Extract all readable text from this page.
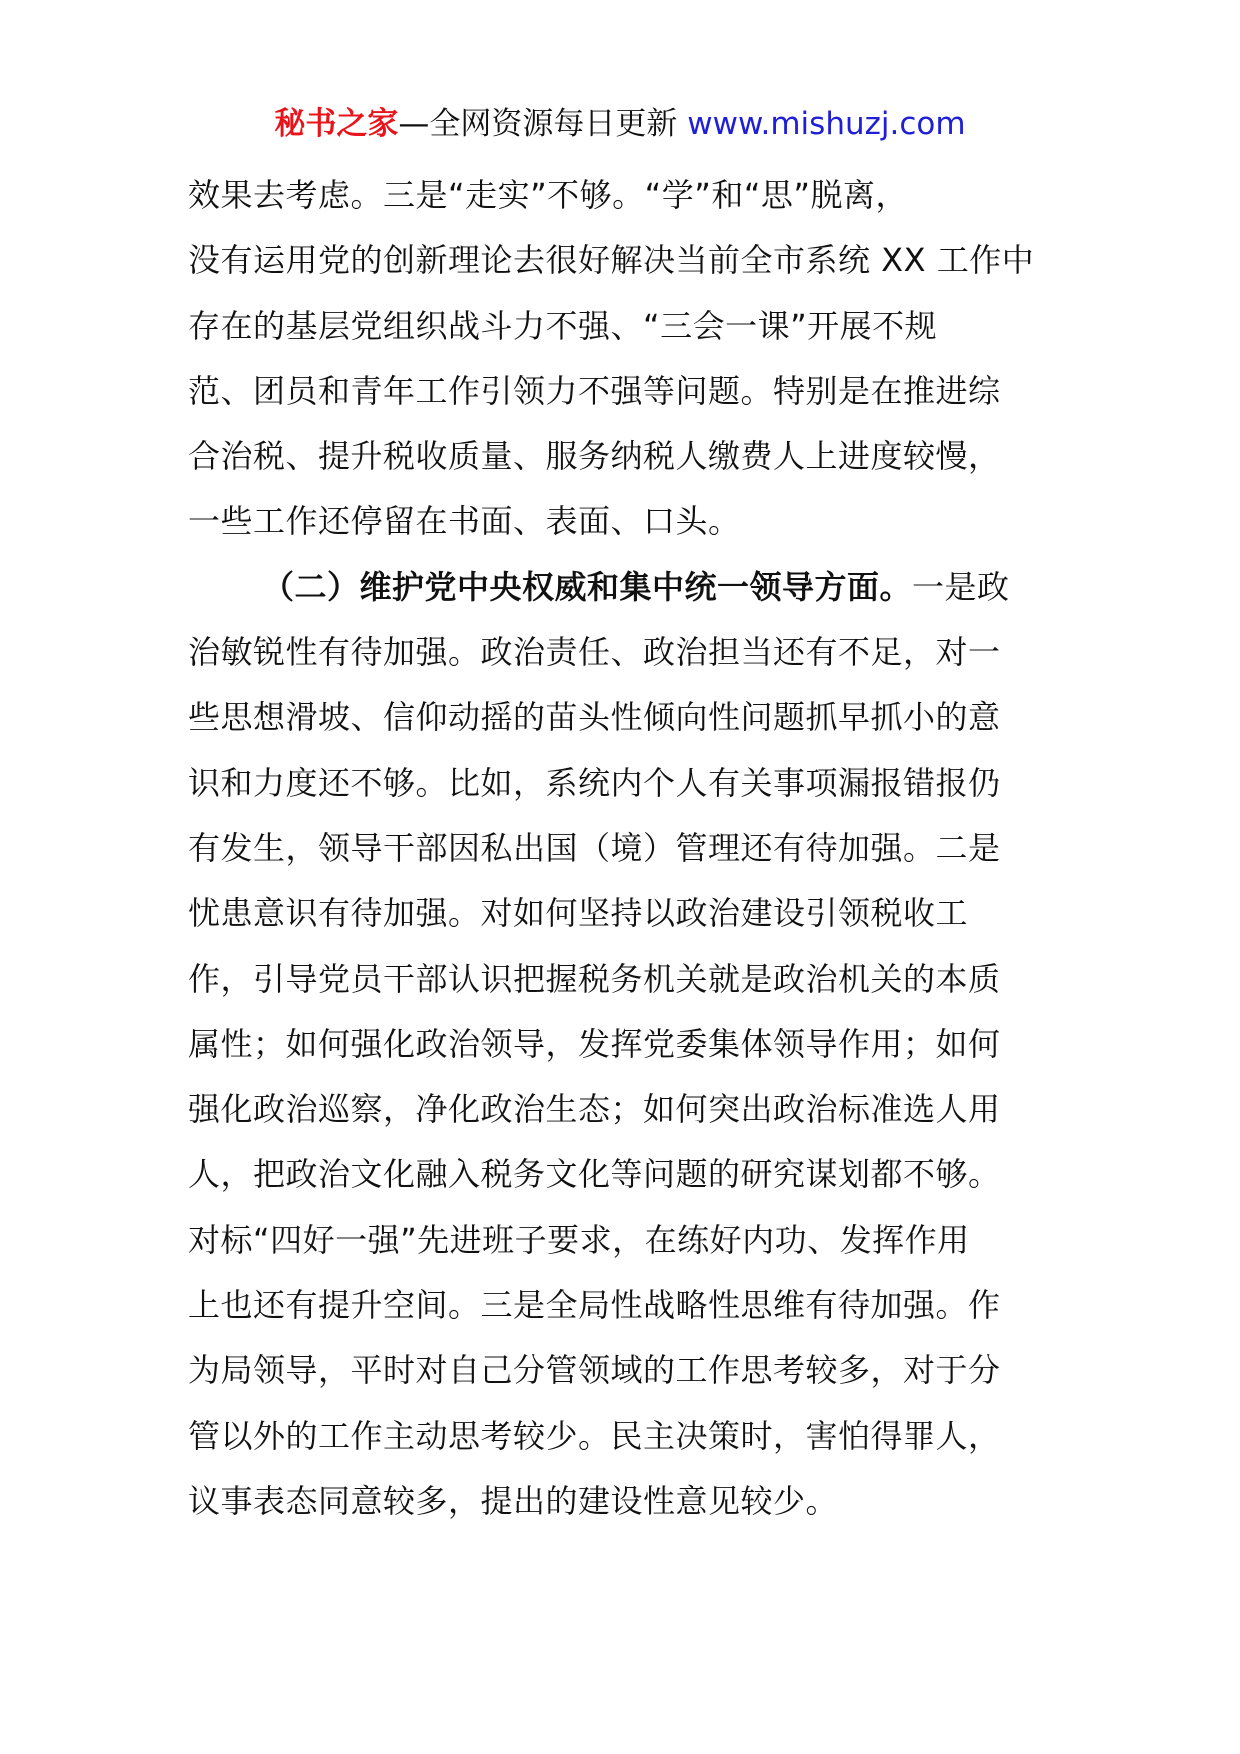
秘书之家—全网资源每日更新 www.mishuzj.com
效果去考虑。三是“走实”不够。“学”和“思”脱离，
没有运用党的创新理论去很好解决当前全市系统 XX 工作中
存在的基层党组织战斗力不强、“三会一课”开展不规
范、团员和青年工作引领力不强等问题。特别是在推进综
合治税、提升税收质量、服务纳税人缴费人上进度较慢，
一些工作还停留在书面、表面、口头。
（二）维护党中央权威和集中统一领导方面。一是政
治敏锐性有待加强。政治责任、政治担当还有不足，对一
些思想滑坡、信仰动摇的苗头性倾向性问题抓早抓小的意
识和力度还不够。比如，系统内个人有关事项漏报错报仍
有发生，领导干部因私出国（境）管理还有待加强。二是
忧患意识有待加强。对如何坚持以政治建设引领税收工
作，引导党员干部认识把握税务机关就是政治机关的本质
属性；如何强化政治领导，发挥党委集体领导作用；如何
强化政治巡察，净化政治生态；如何突出政治标准选人用
人，把政治文化融入税务文化等问题的研究谋划都不够。
对标“四好一强”先进班子要求，在练好内功、发挥作用
上也还有提升空间。三是全局性战略性思维有待加强。作
为局领导，平时对自己分管领域的工作思考较多，对于分
管以外的工作主动思考较少。民主决策时，害怕得罪人，
议事表态同意较多，提出的建设性意见较少。
